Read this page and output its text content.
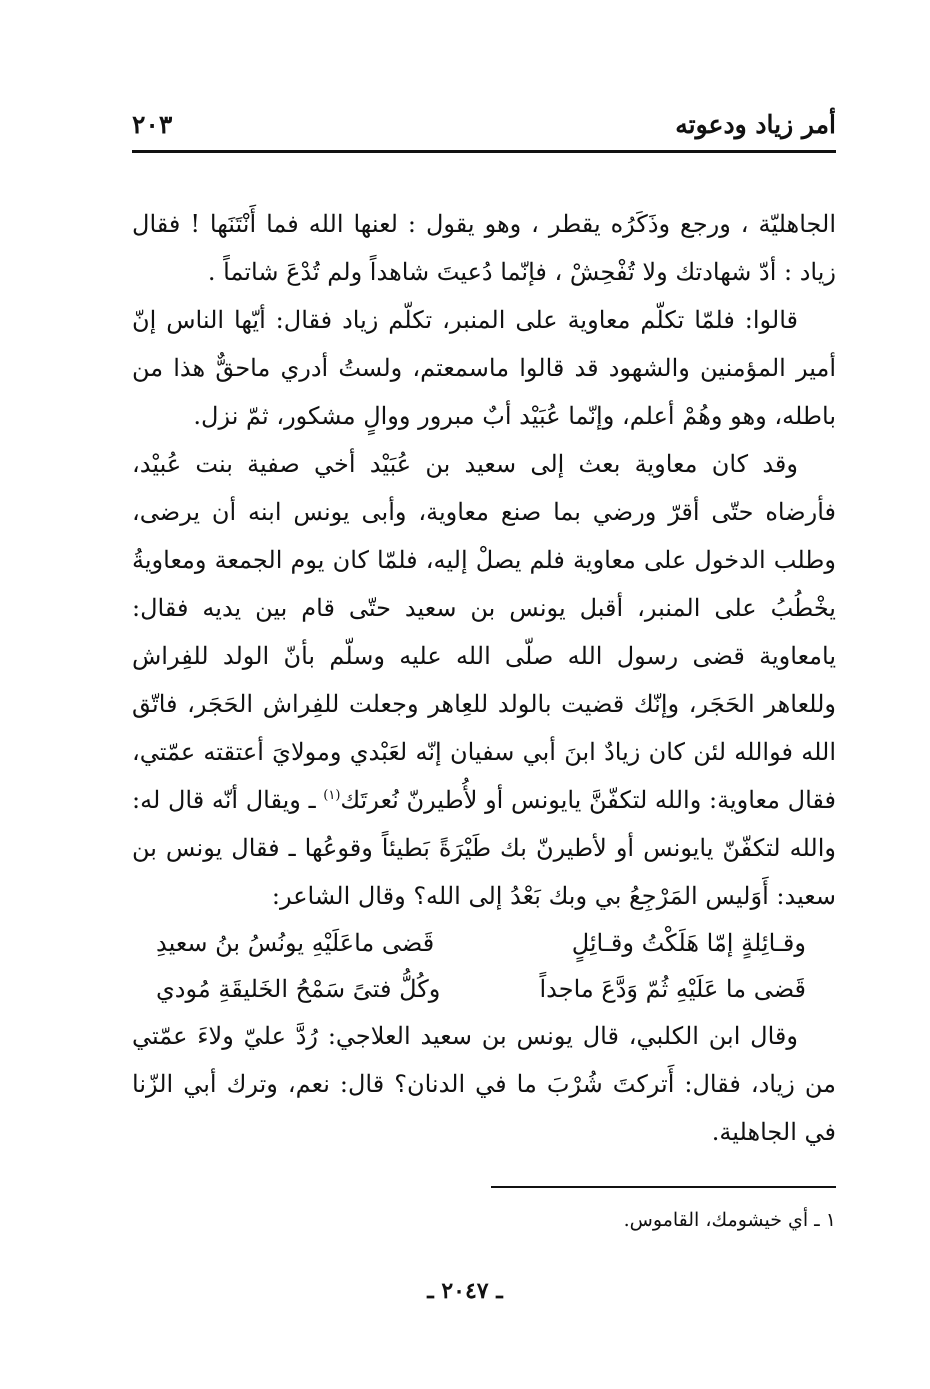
أمر زياد ودعوته
٢٠٣

الجاهليّة ، ورجع وذَكَرُه يقطر ، وهو يقول : لعنها الله فما أَنْتَنَها ! فقال زياد : أدّ شهادتك ولا تُفْحِشْ ، فإنّما دُعيتَ شاهداً ولم تُدْعَ شاتماً .

قالوا: فلمّا تكلّم معاوية على المنبر، تكلّم زياد فقال: أيّها الناس إنّ أمير المؤمنين والشهود قد قالوا ماسمعتم، ولستُ أدري ماحقٌّ هذا من باطله، وهو وهُمْ أعلم، وإنّما عُبَيْد أبٌ مبرور ووالٍ مشكور، ثمّ نزل.

وقد كان معاوية بعث إلى سعيد بن عُبَيْد أخي صفية بنت عُبيْد، فأرضاه حتّى أقرّ ورضي بما صنع معاوية، وأبى يونس ابنه أن يرضى، وطلب الدخول على معاوية فلم يصلْ إليه، فلمّا كان يوم الجمعة ومعاويةُ يخْطُبُ على المنبر، أقبل يونس بن سعيد حتّى قام بين يديه فقال: يامعاوية قضى رسول الله صلّى الله عليه وسلّم بأنّ الولد للفِراش وللعاهر الحَجَر، وإنّك قضيت بالولد للعِاهر وجعلت للفِراش الحَجَر، فاتّق الله فوالله لئن كان زيادٌ ابنَ أبي سفيان إنّه لعَبْدي ومولايَ أعتقته عمّتي، فقال معاوية: والله لتكفّنَّ يايونس أو لأُطيرنّ نُعرتَك$^{(١)}$ ـ ويقال أنّه قال له: والله لتكفّنّ يايونس أو لأطيرنّ بك طَيْرَةً بَطيئاً وقوعُها ـ فقال يونس بن سعيد: أَوَليس المَرْجِعُ بي وبك بَعْدُ إلى الله؟ وقال الشاعر:

وقـائِلةٍ إمّا هَلَكْتُ وقـائِلٍ
قَضى ماعَلَيْهِ يونُسُ بنُ سعيدِ
قَضى ما عَلَيْهِ ثُمّ وَدَّعَ ماجداً
وكُلُّ فتىً سَمْحُ الخَليقَةِ مُودي

وقال ابن الكلبي، قال يونس بن سعيد العلاجي: رُدَّ عليّ ولاءَ عمّتي من زياد، فقال: أَتركتَ شُرْبَ ما في الدنان؟ قال: نعم، وترك أبي الزّنا في الجاهلية.

١ ـ أي خيشومك، القاموس.
ـ ٢٠٤٧ ـ
